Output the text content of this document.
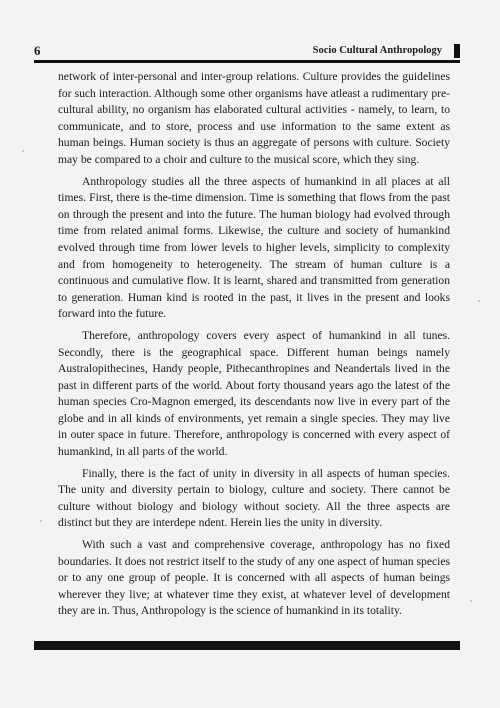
6	Socio Cultural Anthropology

network of inter-personal and inter-group relations. Culture provides the guidelines for such interaction. Although some other organisms have atleast a rudimentary pre-cultural ability, no organism has elaborated cultural activities - namely, to learn, to communicate, and to store, process and use information to the same extent as human beings. Human society is thus an aggregate of persons with culture. Society may be compared to a choir and culture to the musical score, which they sing.

Anthropology studies all the three aspects of humankind in all places at all times. First, there is the-time dimension. Time is something that flows from the past on through the present and into the future. The human biology had evolved through time from related animal forms. Likewise, the culture and society of humankind evolved through time from lower levels to higher levels, simplicity to complexity and from homogeneity to heterogeneity. The stream of human culture is a continuous and cumulative flow. It is learnt, shared and transmitted from generation to generation. Human kind is rooted in the past, it lives in the present and looks forward into the future.

Therefore, anthropology covers every aspect of humankind in all tunes. Secondly, there is the geographical space. Different human beings namely Australopithecines, Handy people, Pithecanthropines and Neandertals lived in the past in different parts of the world. About forty thousand years ago the latest of the human species Cro-Magnon emerged, its descendants now live in every part of the globe and in all kinds of environments, yet remain a single species. They may live in outer space in future. Therefore, anthropology is concerned with every aspect of humankind, in all parts of the world.

Finally, there is the fact of unity in diversity in all aspects of human species. The unity and diversity pertain to biology, culture and society. There cannot be culture without biology and biology without society. All the three aspects are distinct but they are interdepe ndent. Herein lies the unity in diversity.

With such a vast and comprehensive coverage, anthropology has no fixed boundaries. It does not restrict itself to the study of any one aspect of human species or to any one group of people. It is concerned with all aspects of human beings wherever they live; at whatever time they exist, at whatever level of development they are in. Thus, Anthropology is the science of humankind in its totality.
